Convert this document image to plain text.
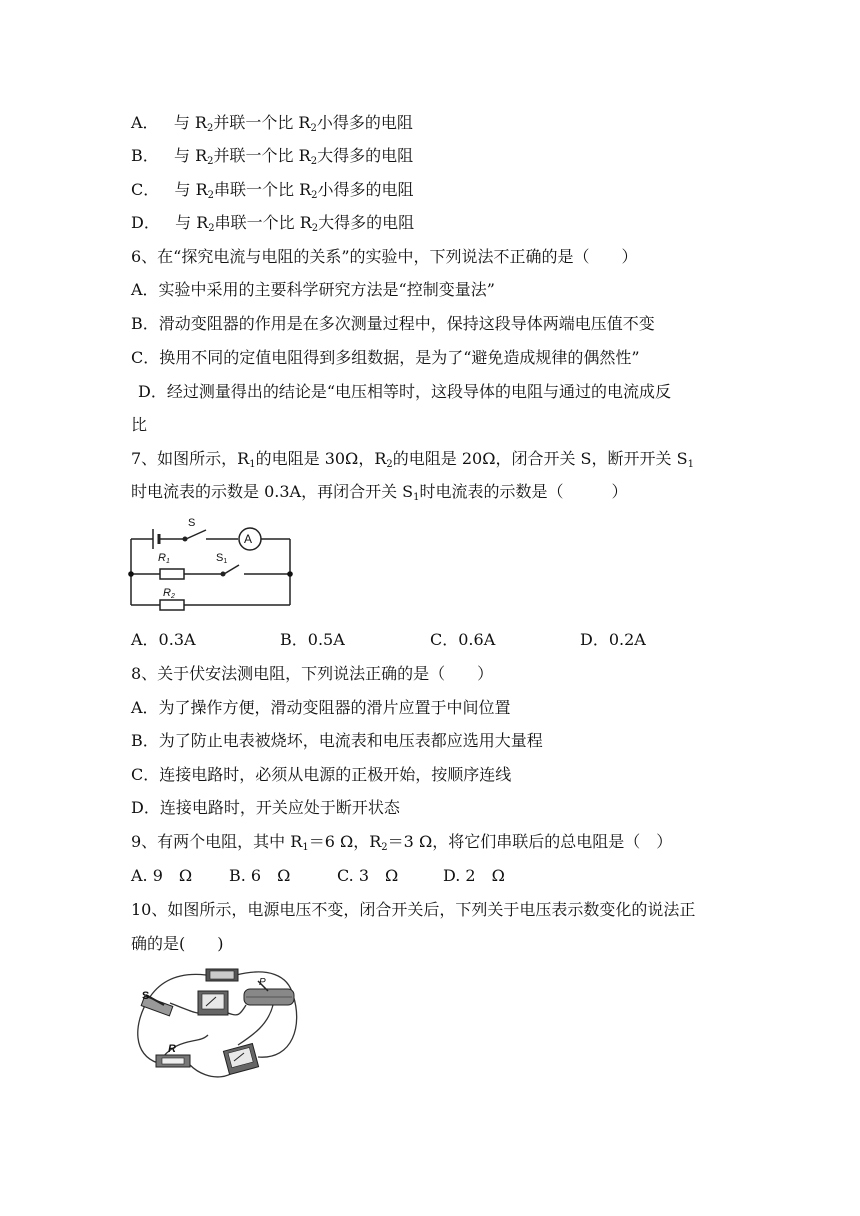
A． 与 $R_2$并联一个比 $R_2$小得多的电阻
B． 与 $R_2$并联一个比 $R_2$大得多的电阻
C． 与 $R_2$串联一个比 $R_2$小得多的电阻
D． 与 $R_2$串联一个比 $R_2$大得多的电阻
6、在“探究电流与电阻的关系”的实验中，下列说法不正确的是（　　）
A．实验中采用的主要科学研究方法是“控制变量法”
B．滑动变阻器的作用是在多次测量过程中，保持这段导体两端电压值不变
C．换用不同的定值电阻得到多组数据，是为了“避免造成规律的偶然性”
D．经过测量得出的结论是“电压相等时，这段导体的电阻与通过的电流成反
比
7、如图所示，$R_1$的电阻是 30Ω，$R_2$的电阻是 20Ω，闭合开关 S，断开开关 $S_1$
时电流表的示数是 0.3A，再闭合开关 $S_1$时电流表的示数是（　　　）
A
S
R1	S1
R2
A．0.3A	B．0.5A	C．0.6A	D．0.2A
8、关于伏安法测电阻，下列说法正确的是（　　）
A．为了操作方便，滑动变阻器的滑片应置于中间位置
B．为了防止电表被烧坏，电流表和电压表都应选用大量程
C．连接电路时，必须从电源的正极开始，按顺序连线
D．连接电路时，开关应处于断开状态
9、有两个电阻，其中 $R_1=6$ Ω，$R_2=3$ Ω，将它们串联后的总电阻是（　）
A. 9　Ω B. 6　Ω	C. 3　Ω	D. 2　Ω
10、如图所示，电源电压不变，闭合开关后，下列关于电压表示数变化的说法正
确的是(　　)
S
P
R
